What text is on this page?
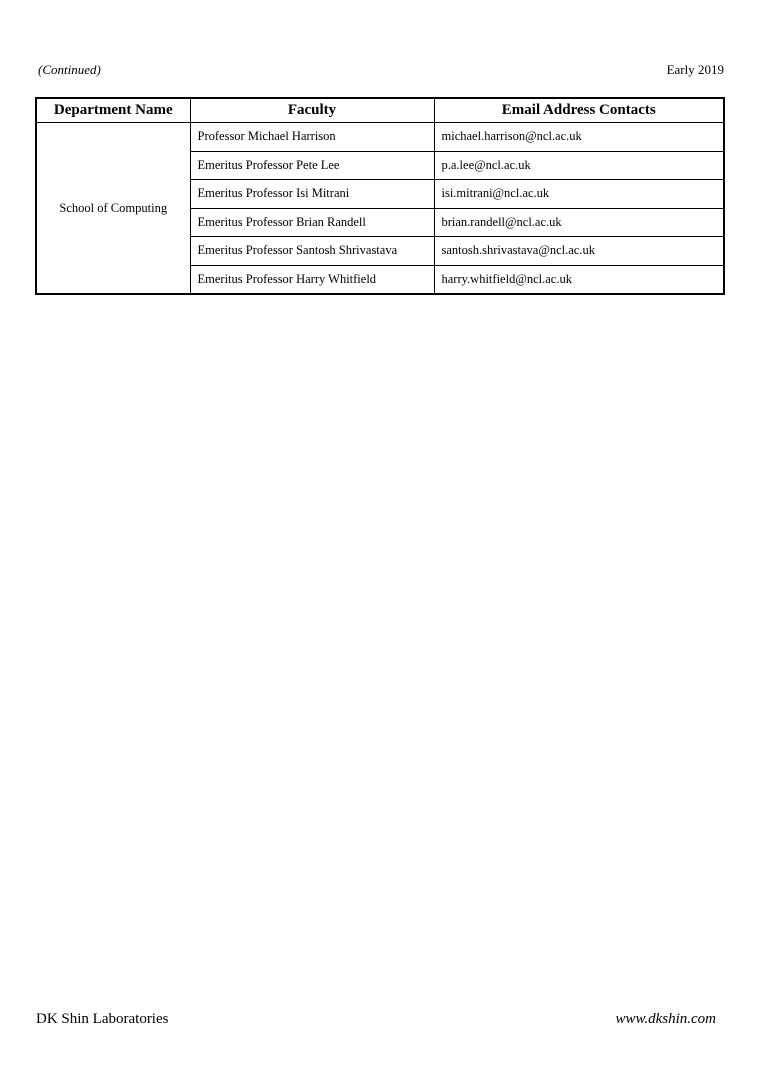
(Continued)	Early 2019
Department Name	Faculty	Email Address Contacts
School of Computing	Professor Michael Harrison	michael.harrison@ncl.ac.uk
	Emeritus Professor Pete Lee	p.a.lee@ncl.ac.uk
	Emeritus Professor Isi Mitrani	isi.mitrani@ncl.ac.uk
	Emeritus Professor Brian Randell	brian.randell@ncl.ac.uk
	Emeritus Professor Santosh Shrivastava	santosh.shrivastava@ncl.ac.uk
	Emeritus Professor Harry Whitfield	harry.whitfield@ncl.ac.uk
DK Shin Laboratories	www.dkshin.com
